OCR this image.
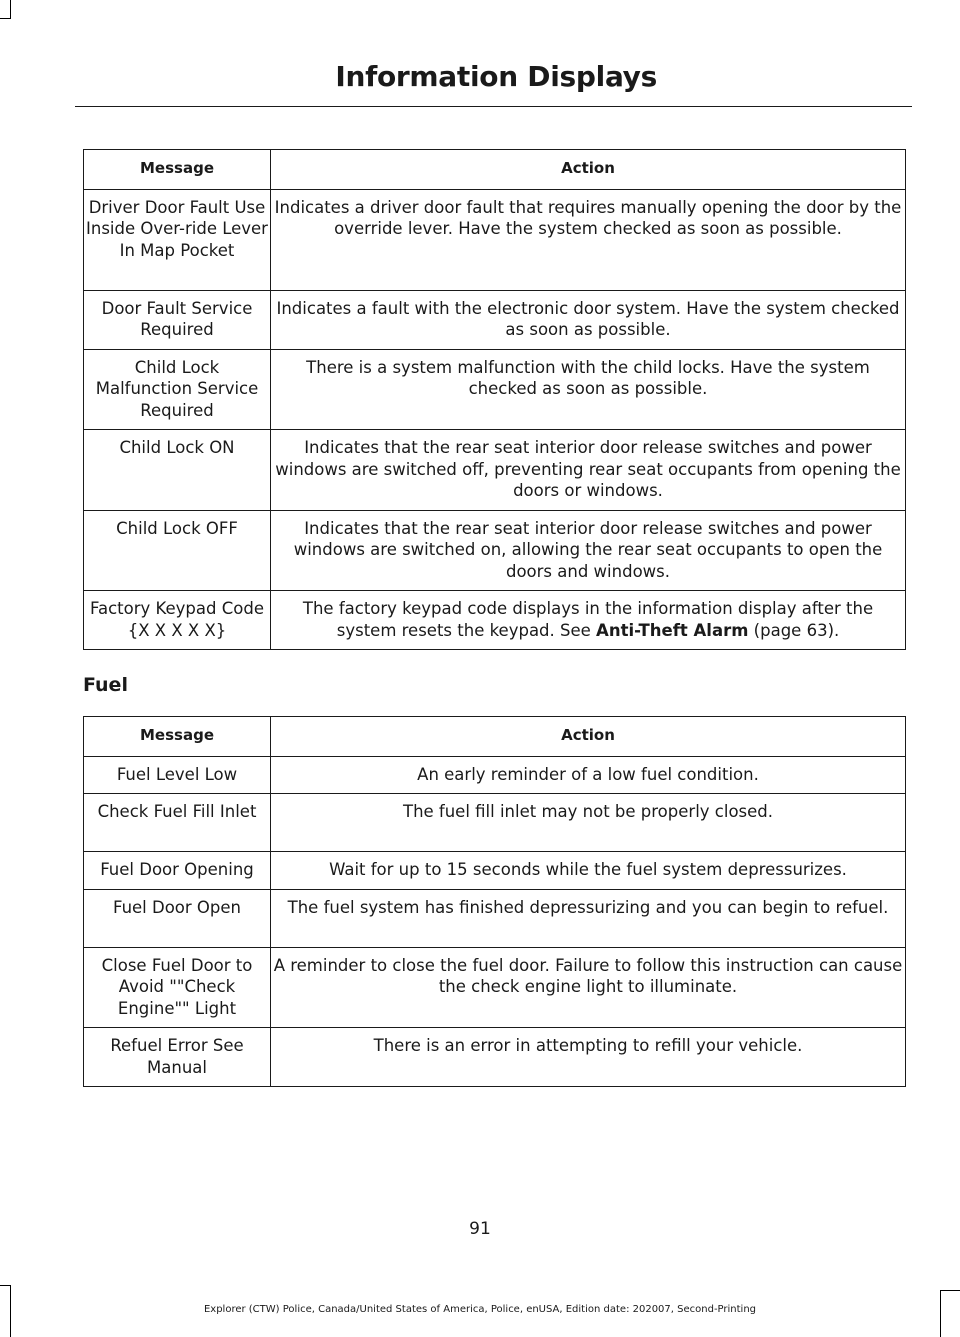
Information Displays
Message	Action
Driver Door Fault Use Inside Over-ride Lever In Map Pocket	Indicates a driver door fault that requires manually opening the door by the override lever. Have the system checked as soon as possible.
Door Fault Service Required	Indicates a fault with the electronic door system. Have the system checked as soon as possible.
Child Lock Malfunction Service Required	There is a system malfunction with the child locks. Have the system checked as soon as possible.
Child Lock ON	Indicates that the rear seat interior door release switches and power windows are switched off, preventing rear seat occupants from opening the doors or windows.
Child Lock OFF	Indicates that the rear seat interior door release switches and power windows are switched on, allowing the rear seat occupants to open the doors and windows.
Factory Keypad Code {X X X X X}	The factory keypad code displays in the information display after the system resets the keypad. See Anti-Theft Alarm (page 63).
Fuel
Message	Action
Fuel Level Low	An early reminder of a low fuel condition.
Check Fuel Fill Inlet	The fuel fill inlet may not be properly closed.
Fuel Door Opening	Wait for up to 15 seconds while the fuel system depressurizes.
Fuel Door Open	The fuel system has finished depressurizing and you can begin to refuel.
Close Fuel Door to Avoid ""Check Engine"" Light	A reminder to close the fuel door. Failure to follow this instruction can cause the check engine light to illuminate.
Refuel Error See Manual	There is an error in attempting to refill your vehicle.
91
Explorer (CTW) Police, Canada/United States of America, Police, enUSA, Edition date: 202007, Second-Printing
